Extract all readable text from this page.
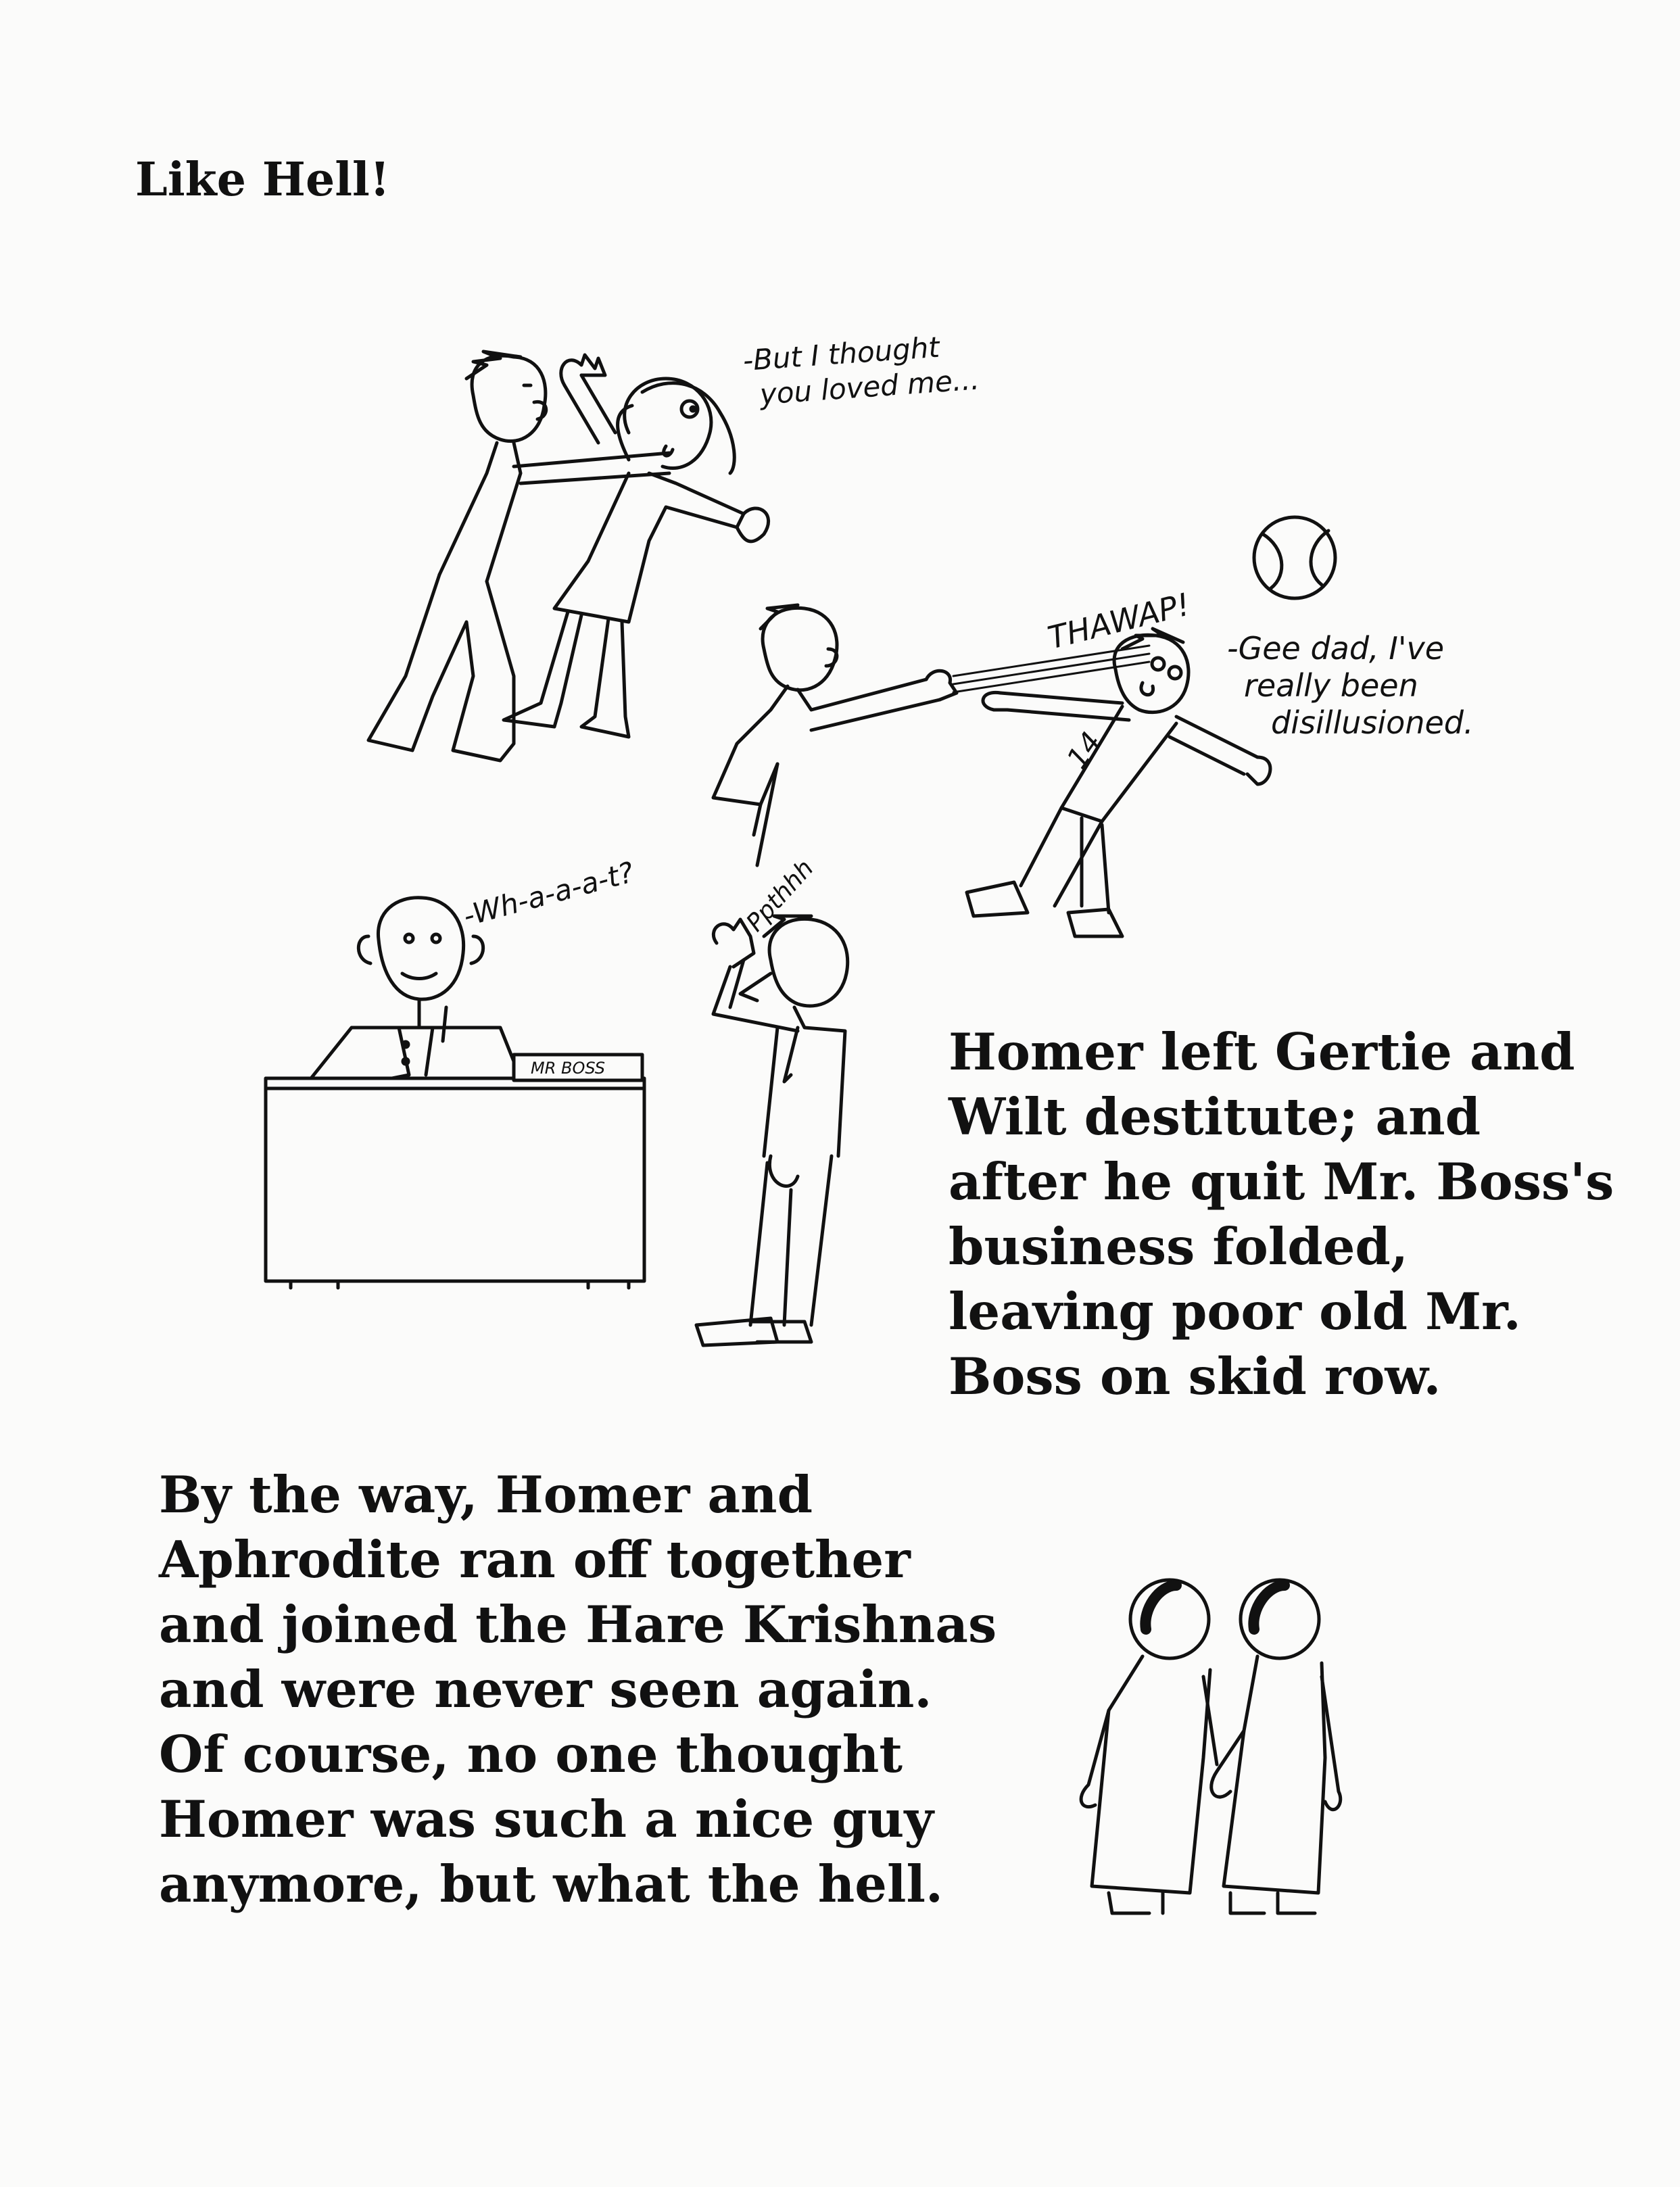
Like Hell!
14
MR BOSS
-But I thought
you loved me...
THAWAP! -Gee dad, I've
really been
disillusioned.
-Wh-a-a-a-t?	Ppthhh
Homer left Gertie and
Wilt destitute; and
after he quit Mr. Boss's
business folded,
leaving poor old Mr.
Boss on skid row.
By the way, Homer and
Aphrodite ran off together
and joined the Hare Krishnas
and were never seen again.
Of course, no one thought
Homer was such a nice guy
anymore, but what the hell.
